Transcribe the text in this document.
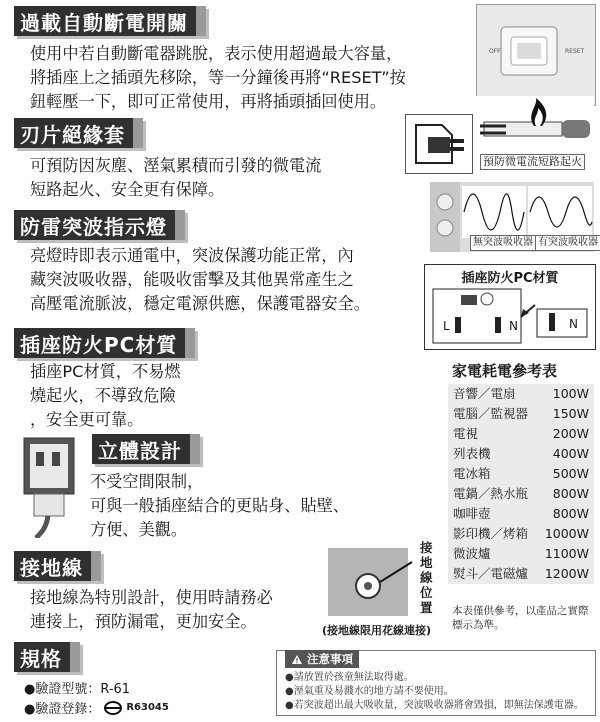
過載自動斷電開關
使用中若自動斷電器跳脫，表示使用超過最大容量，
將插座上之插頭先移除，等一分鐘後再將“RESET”按
鈕輕壓一下，即可正常使用，再將插頭插回使用。
OFF	RESET
刃片絕緣套
可預防因灰塵、溼氣累積而引發的微電流
短路起火、安全更有保障。
預防微電流短路起火
防雷突波指示燈
亮燈時即表示通電中，突波保護功能正常，內
藏突波吸收器，能吸收雷擊及其他異常產生之
高壓電流脈波，穩定電源供應，保護電器安全。
無突波吸收器 有突波吸收器
插座防火PC材質
L	N	N
插座防火PC材質
插座PC材質，不易燃
燒起火，不導致危險
，安全更可靠。
立體設計
不受空間限制，
可與一般插座結合的更貼身、貼壁、
方便、美觀。
接地線
接地線為特別設計，使用時請務必
連接上，預防漏電，更加安全。
接地線位置
(接地線限用花線連接)
規格
●驗證型號：R-61
●驗證登錄：	R63045
家電耗電參考表
音響／電扇	100W
電腦／監視器 150W
電視	200W
列表機	400W
電冰箱	500W
電鍋／熱水瓶 800W
咖啡壺	800W
影印機／烤箱 1000W
微波爐	1100W
熨斗／電磁爐 1200W
本表僅供參考，以產品之實際
標示為準。
注意事項
●請放置於孩童無法取得處。
●溼氣重及易濺水的地方請不要使用。
●若突波超出最大吸收量，突波吸收器將會毀損，即無法保護電器。
